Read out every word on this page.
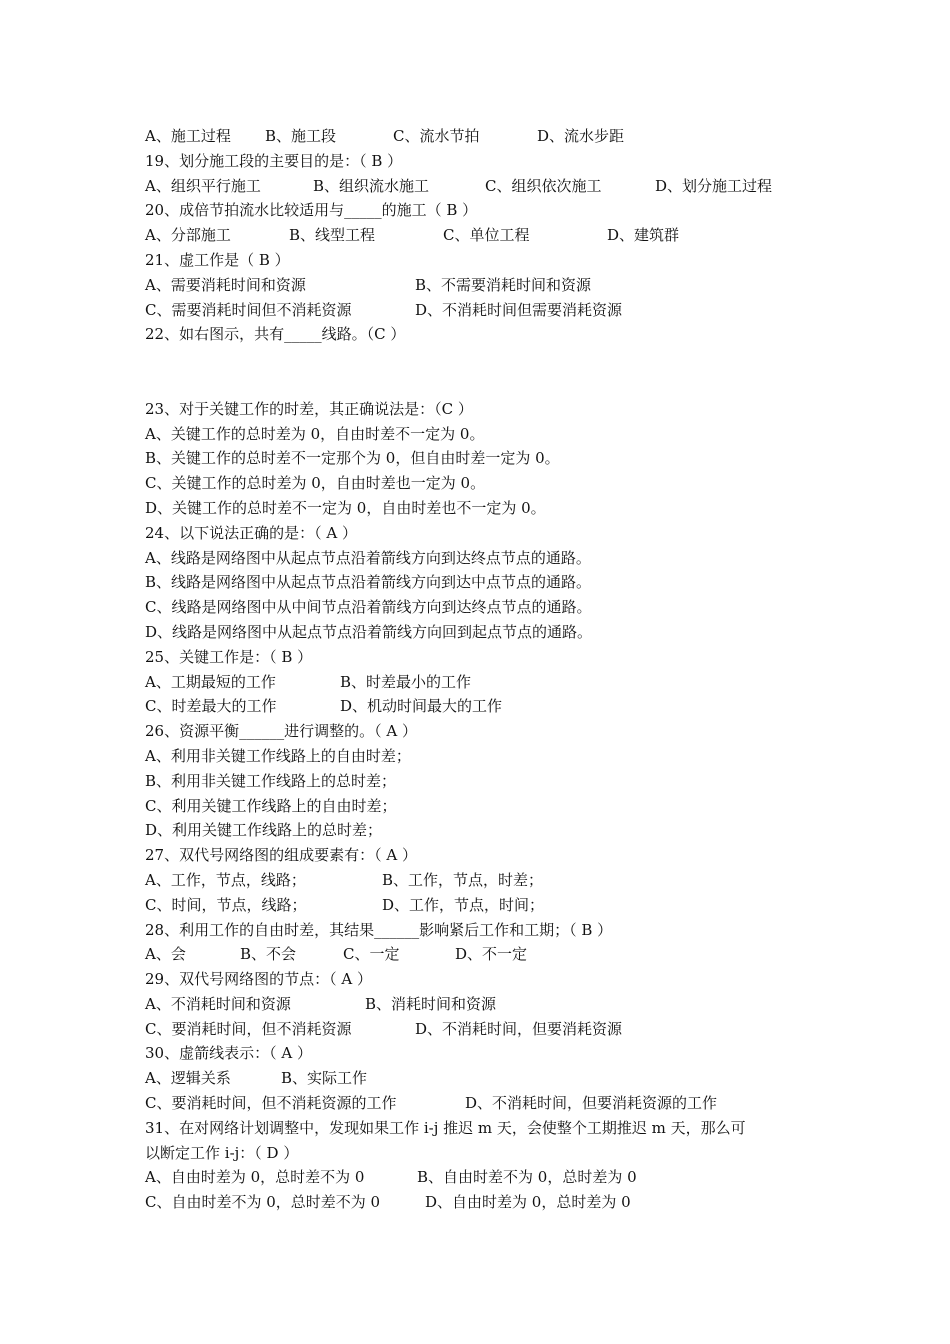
A、施工过程 B、施工段	C、流水节拍	D、流水步距
19、划分施工段的主要目的是：（ B ）
A、组织平行施工	B、组织流水施工	C、组织依次施工	D、划分施工过程
20、成倍节拍流水比较适用与_____的施工（ B ）
A、分部施工	B、线型工程	C、单位工程	D、建筑群
21、虚工作是（ B ）
A、需要消耗时间和资源	B、不需要消耗时间和资源
C、需要消耗时间但不消耗资源	D、不消耗时间但需要消耗资源
22、如右图示，共有_____线路。（C ）
23、对于关键工作的时差，其正确说法是：（C ）
A、关键工作的总时差为 0，自由时差不一定为 0。
B、关键工作的总时差不一定那个为 0，但自由时差一定为 0。
C、关键工作的总时差为 0，自由时差也一定为 0。
D、关键工作的总时差不一定为 0，自由时差也不一定为 0。
24、以下说法正确的是：（ A ）
A、线路是网络图中从起点节点沿着箭线方向到达终点节点的通路。
B、线路是网络图中从起点节点沿着箭线方向到达中点节点的通路。
C、线路是网络图中从中间节点沿着箭线方向到达终点节点的通路。
D、线路是网络图中从起点节点沿着箭线方向回到起点节点的通路。
25、关键工作是：（ B ）
A、工期最短的工作	B、时差最小的工作
C、时差最大的工作	D、机动时间最大的工作
26、资源平衡______进行调整的。（ A ）
A、利用非关键工作线路上的自由时差；
B、利用非关键工作线路上的总时差；
C、利用关键工作线路上的自由时差；
D、利用关键工作线路上的总时差；
27、双代号网络图的组成要素有：（ A ）
A、工作，节点，线路；	B、工作，节点，时差；
C、时间，节点，线路；	D、工作，节点，时间；
28、利用工作的自由时差，其结果______影响紧后工作和工期；（ B ）
A、会	B、不会	C、一定	D、不一定
29、双代号网络图的节点：（ A ）
A、不消耗时间和资源	B、消耗时间和资源
C、要消耗时间，但不消耗资源	D、不消耗时间，但要消耗资源
30、虚箭线表示：（ A ）
A、逻辑关系	B、实际工作
C、要消耗时间，但不消耗资源的工作	D、不消耗时间，但要消耗资源的工作
31、在对网络计划调整中，发现如果工作 i-j 推迟 m 天，会使整个工期推迟 m 天，那么可
以断定工作 i-j：（ D ）
A、自由时差为 0，总时差不为 0	B、自由时差不为 0，总时差为 0
C、自由时差不为 0，总时差不为 0	D、自由时差为 0，总时差为 0
